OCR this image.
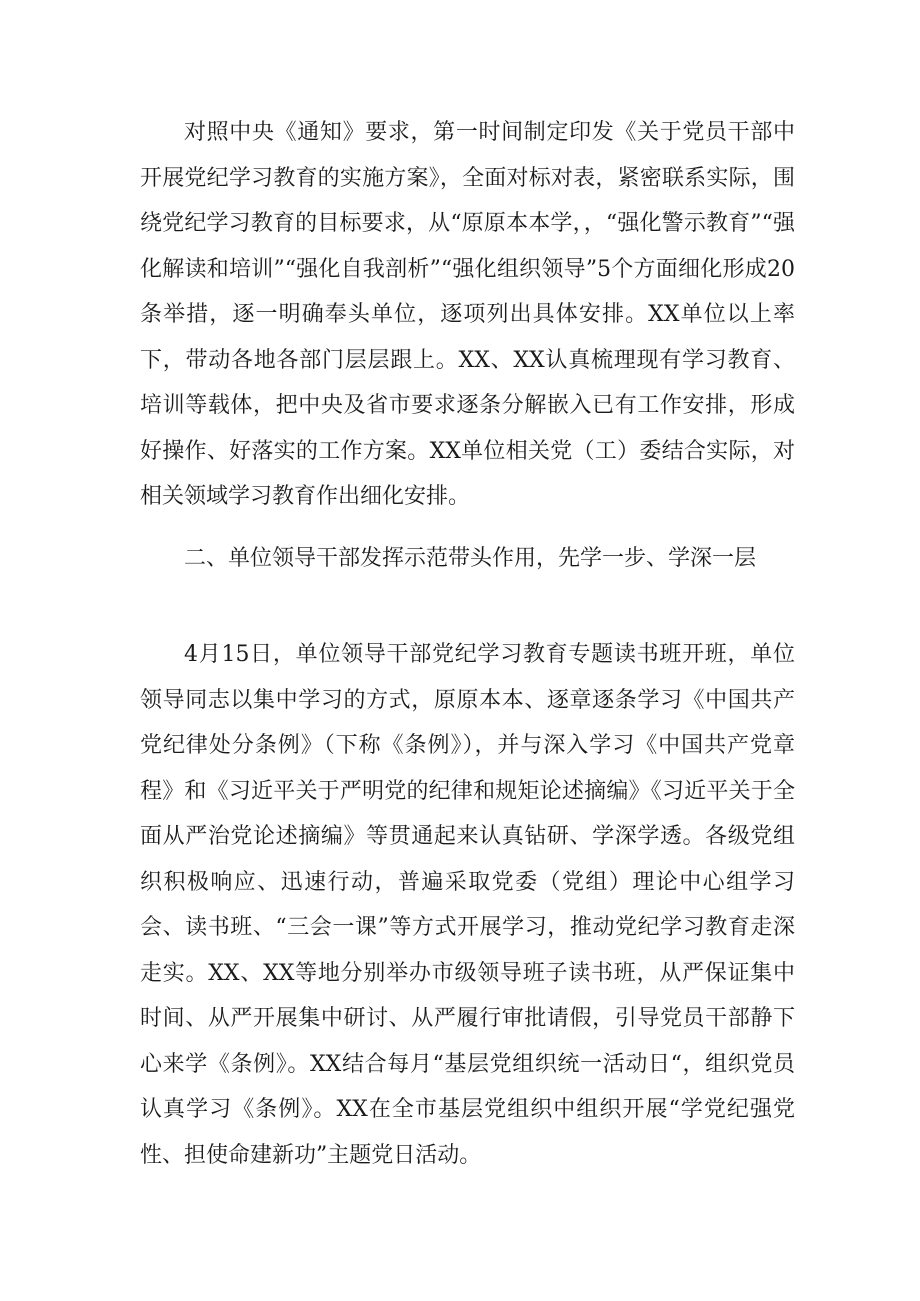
对照中央《通知》要求，第一时间制定印发《关于党员干部中开展党纪学习教育的实施方案》，全面对标对表，紧密联系实际，围绕党纪学习教育的目标要求，从“原原本本学，，“强化警示教育”“强化解读和培训”“强化自我剖析”“强化组织领导”5个方面细化形成20条举措，逐一明确奉头单位，逐项列出具体安排。XX单位以上率下，带动各地各部门层层跟上。XX、XX认真梳理现有学习教育、培训等载体，把中央及省市要求逐条分解嵌入已有工作安排，形成好操作、好落实的工作方案。XX单位相关党（工）委结合实际，对相关领域学习教育作出细化安排。

二、单位领导干部发挥示范带头作用，先学一步、学深一层

4月15日，单位领导干部党纪学习教育专题读书班开班，单位领导同志以集中学习的方式，原原本本、逐章逐条学习《中国共产党纪律处分条例》（下称《条例》），并与深入学习《中国共产党章程》和《习近平关于严明党的纪律和规矩论述摘编》《习近平关于全面从严治党论述摘编》等贯通起来认真钻研、学深学透。各级党组织积极响应、迅速行动，普遍采取党委（党组）理论中心组学习会、读书班、“三会一课”等方式开展学习，推动党纪学习教育走深走实。XX、XX等地分别举办市级领导班子读书班，从严保证集中时间、从严开展集中研讨、从严履行审批请假，引导党员干部静下心来学《条例》。XX结合每月“基层党组织统一活动日“，组织党员认真学习《条例》。XX在全市基层党组织中组织开展“学党纪强党性、担使命建新功”主题党日活动。
